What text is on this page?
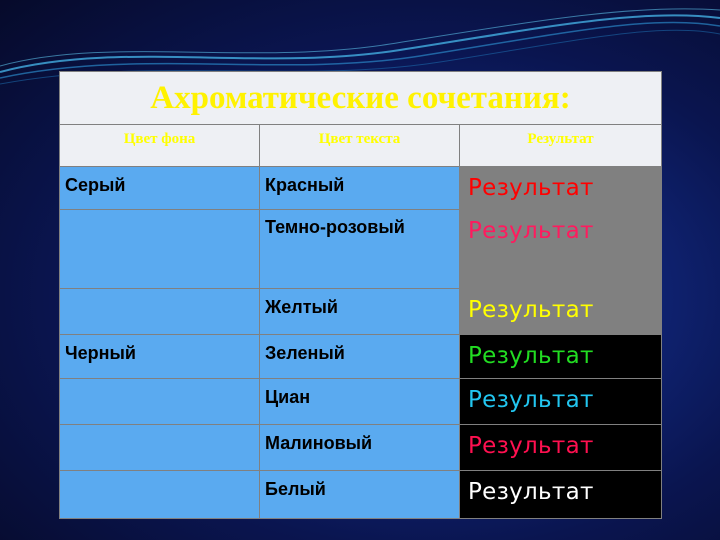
Ахроматические сочетания:		
Цвет фона	Цвет текста	Результат
Серый	Красный	Результат
	Темно-розовый	Результат
	Желтый	Результат
Черный	Зеленый	Результат
	Циан	Результат
	Малиновый	Результат
	Белый	Результат
